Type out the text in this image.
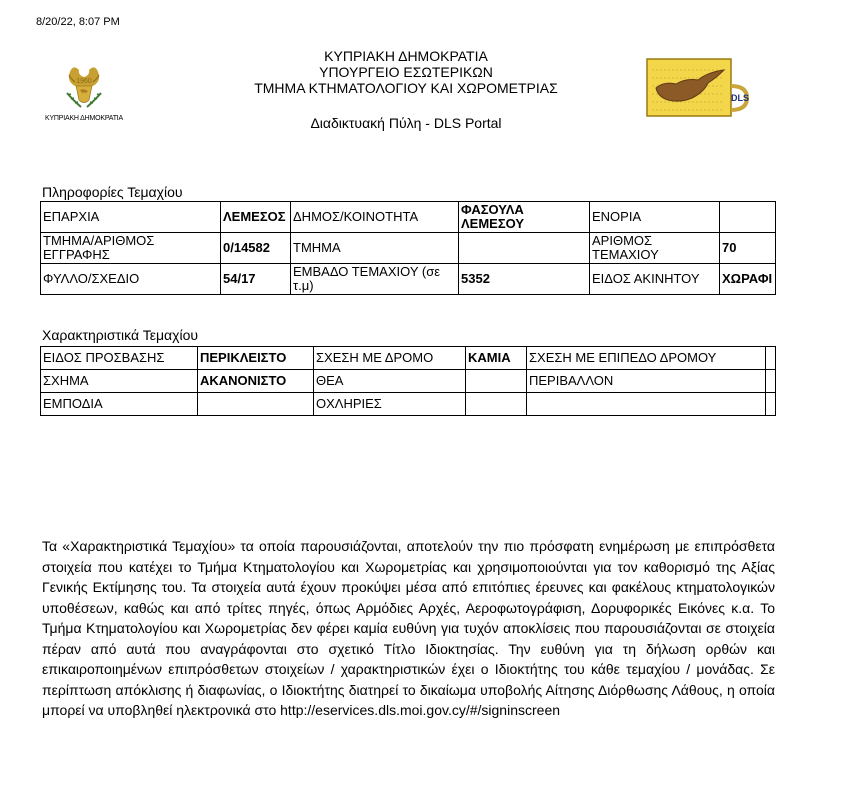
8/20/22, 8:07 PM
1960
ΚΥΠΡΙΑΚΗ ΔΗΜΟΚΡΑΤΙΑ
ΚΥΠΡΙΑΚΗ ΔΗΜΟΚΡΑΤΙΑ
ΥΠΟΥΡΓΕΙΟ ΕΣΩΤΕΡΙΚΩΝ
ΤΜΗΜΑ ΚΤΗΜΑΤΟΛΟΓΙΟΥ ΚΑΙ ΧΩΡΟΜΕΤΡΙΑΣ
Διαδικτυακή Πύλη - DLS Portal
DLS
Πληροφορίες Τεμαχίου
ΕΠΑΡΧΙΑ	ΛΕΜΕΣΟΣ	ΔΗΜΟΣ/ΚΟΙΝΟΤΗΤΑ	ΦΑΣΟΥΛΑ ΛΕΜΕΣΟΥ	ΕΝΟΡΙΑ	
ΤΜΗΜΑ/ΑΡΙΘΜΟΣ ΕΓΓΡΑΦΗΣ	0/14582	ΤΜΗΜΑ		ΑΡΙΘΜΟΣ ΤΕΜΑΧΙΟΥ	70
ΦΥΛΛΟ/ΣΧΕΔΙΟ	54/17	ΕΜΒΑΔΟ ΤΕΜΑΧΙΟΥ (σε τ.μ)	5352	ΕΙΔΟΣ ΑΚΙΝΗΤΟΥ	ΧΩΡΑΦΙ
Χαρακτηριστικά Τεμαχίου
ΕΙΔΟΣ ΠΡΟΣΒΑΣΗΣ	ΠΕΡΙΚΛΕΙΣΤΟ	ΣΧΕΣΗ ΜΕ ΔΡΟΜΟ	ΚΑΜΙΑ	ΣΧΕΣΗ ΜΕ ΕΠΙΠΕΔΟ ΔΡΟΜΟΥ	
ΣΧΗΜΑ	ΑΚΑΝΟΝΙΣΤΟ	ΘΕΑ		ΠΕΡΙΒΑΛΛΟΝ	
ΕΜΠΟΔΙΑ		ΟΧΛΗΡΙΕΣ			
Τα «Χαρακτηριστικά Τεμαχίου» τα οποία παρουσιάζονται, αποτελούν την πιο πρόσφατη ενημέρωση με επιπρόσθετα στοιχεία που κατέχει το Τμήμα Κτηματολογίου και Χωρομετρίας και χρησιμοποιούνται για τον καθορισμό της Αξίας Γενικής Εκτίμησης του. Τα στοιχεία αυτά έχουν προκύψει μέσα από επιτόπιες έρευνες και φακέλους κτηματολογικών υποθέσεων, καθώς και από τρίτες πηγές, όπως Αρμόδιες Αρχές, Αεροφωτογράφιση, Δορυφορικές Εικόνες κ.α. Το Τμήμα Κτηματολογίου και Χωρομετρίας δεν φέρει καμία ευθύνη για τυχόν αποκλίσεις που παρουσιάζονται σε στοιχεία πέραν από αυτά που αναγράφονται στο σχετικό Τίτλο Ιδιοκτησίας. Την ευθύνη για τη δήλωση ορθών και επικαιροποιημένων επιπρόσθετων στοιχείων / χαρακτηριστικών έχει ο Ιδιοκτήτης του κάθε τεμαχίου / μονάδας. Σε περίπτωση απόκλισης ή διαφωνίας, ο Ιδιοκτήτης διατηρεί το δικαίωμα υποβολής Αίτησης Διόρθωσης Λάθους, η οποία μπορεί να υποβληθεί ηλεκτρονικά στο http://eservices.dls.moi.gov.cy/#/signinscreen
